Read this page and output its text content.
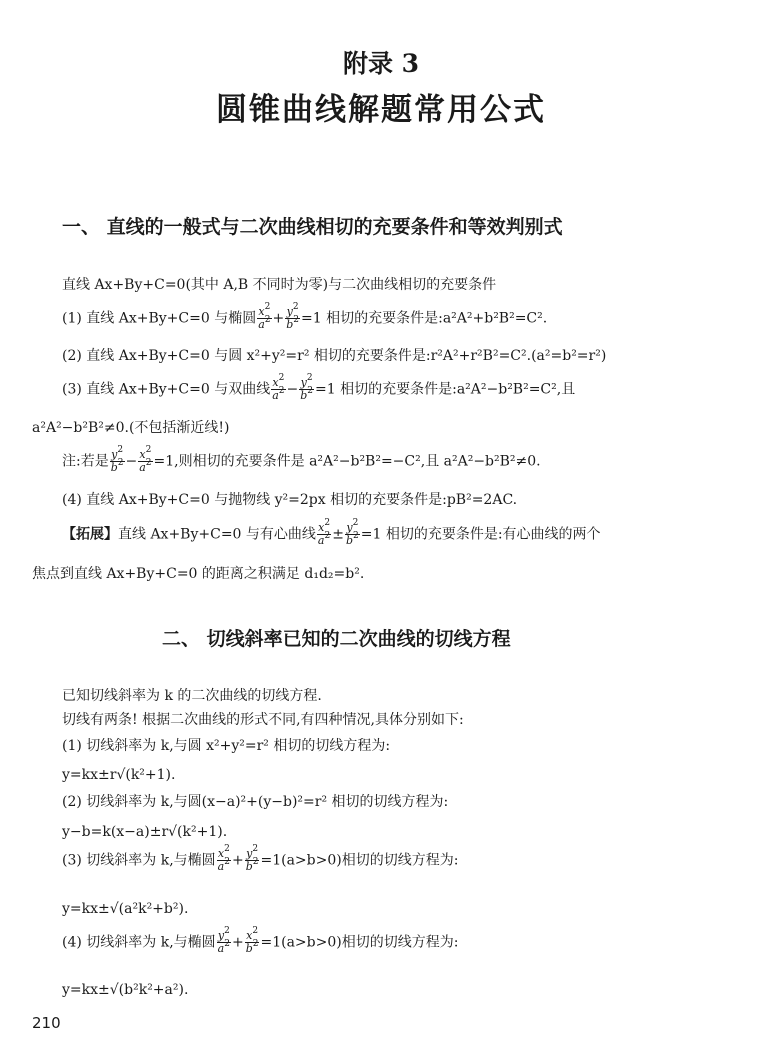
附录 3
圆锥曲线解题常用公式
一、 直线的一般式与二次曲线相切的充要条件和等效判别式
直线 Ax+By+C=0(其中 A,B 不同时为零)与二次曲线相切的充要条件
(1) 直线 Ax+By+C=0 与椭圆 $\frac{x^2}{a^2} + \frac{y^2}{b^2} =1$ 相切的充要条件是:a²A²+b²B²=C².
(2) 直线 Ax+By+C=0 与圆 x²+y²=r² 相切的充要条件是:r²A²+r²B²=C².(a²=b²=r²)
(3) 直线 Ax+By+C=0 与双曲线 $\frac{x^2}{a^2} - \frac{y^2}{b^2} =1$ 相切的充要条件是:a²A²−b²B²=C²,且
a²A²−b²B²≠0.(不包括渐近线!)
注:若是 $\frac{y^2}{b^2} - \frac{x^2}{a^2} =1$,则相切的充要条件是 a²A²−b²B²=−C²,且 a²A²−b²B²≠0.
(4) 直线 Ax+By+C=0 与抛物线 y²=2px 相切的充要条件是:pB²=2AC.
【拓展】直线 Ax+By+C=0 与有心曲线 $\frac{x^2}{a^2} \pm \frac{y^2}{b^2} =1$ 相切的充要条件是:有心曲线的两个
焦点到直线 Ax+By+C=0 的距离之积满足 d₁d₂=b².
二、 切线斜率已知的二次曲线的切线方程
已知切线斜率为 k 的二次曲线的切线方程.
切线有两条! 根据二次曲线的形式不同,有四种情况,具体分别如下:
(1) 切线斜率为 k,与圆 x²+y²=r² 相切的切线方程为:
y=kx±r√(k²+1).
(2) 切线斜率为 k,与圆(x−a)²+(y−b)²=r² 相切的切线方程为:
y−b=k(x−a)±r√(k²+1).
(3) 切线斜率为 k,与椭圆 $\frac{x^2}{a^2} + \frac{y^2}{b^2} =1(a>b>0)$相切的切线方程为:
y=kx±√(a²k²+b²).
(4) 切线斜率为 k,与椭圆 $\frac{y^2}{a^2} + \frac{x^2}{b^2} =1(a>b>0)$相切的切线方程为:
y=kx±√(b²k²+a²).
210
